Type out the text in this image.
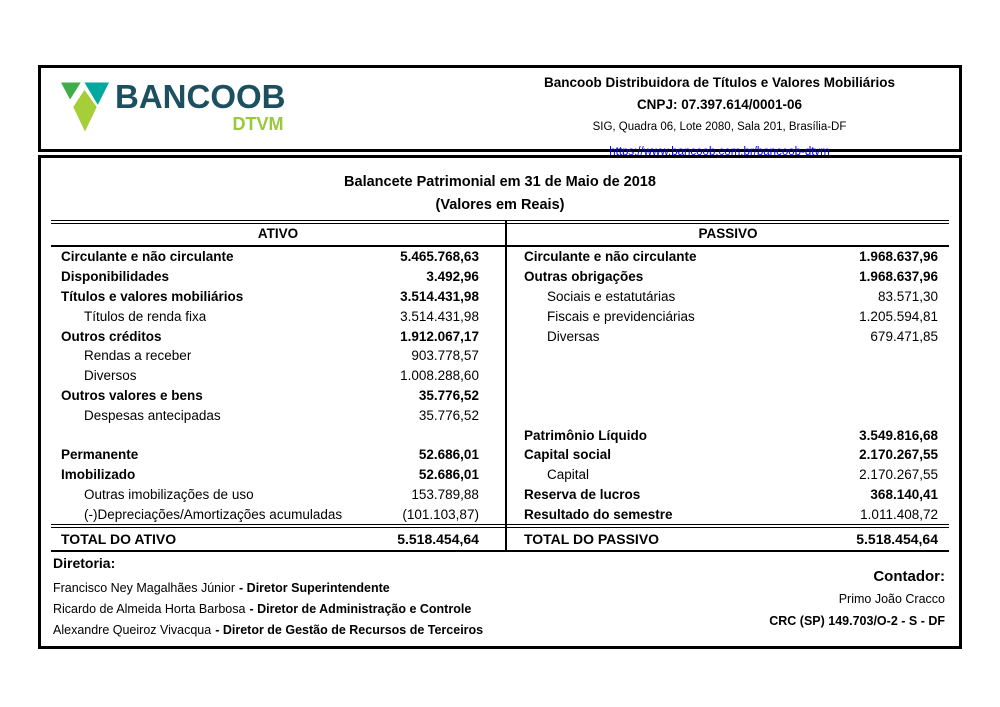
BANCOOB
DTVM
Bancoob Distribuidora de Títulos e Valores Mobiliários
CNPJ: 07.397.614/0001-06
SIG, Quadra 06, Lote 2080, Sala 201, Brasília-DF
https://www.bancoob.com.br/bancoob-dtvm
Balancete Patrimonial em 31 de Maio de 2018
(Valores em Reais)
ATIVO
Circulante e não circulante	5.465.768,63
Disponibilidades	3.492,96
Títulos e valores mobiliários	3.514.431,98
Títulos de renda fixa	3.514.431,98
Outros créditos	1.912.067,17
Rendas a receber	903.778,57
Diversos	1.008.288,60
Outros valores e bens	35.776,52
Despesas antecipadas	35.776,52
Permanente	52.686,01
Imobilizado	52.686,01
Outras imobilizações de uso	153.789,88
(-)Depreciações/Amortizações acumuladas	(101.103,87)
TOTAL DO ATIVO	5.518.454,64
PASSIVO
Circulante e não circulante	1.968.637,96
Outras obrigações	1.968.637,96
Sociais e estatutárias	83.571,30
Fiscais e previdenciárias	1.205.594,81
Diversas	679.471,85
Patrimônio Líquido	3.549.816,68
Capital social	2.170.267,55
Capital	2.170.267,55
Reserva de lucros	368.140,41
Resultado do semestre	1.011.408,72
TOTAL DO PASSIVO	5.518.454,64
Diretoria:
Francisco Ney Magalhães Júnior - Diretor Superintendente
Ricardo de Almeida Horta Barbosa - Diretor de Administração e Controle
Alexandre Queiroz Vivacqua - Diretor de Gestão de Recursos de Terceiros
Contador:
Primo João Cracco
CRC (SP) 149.703/O-2 - S - DF
